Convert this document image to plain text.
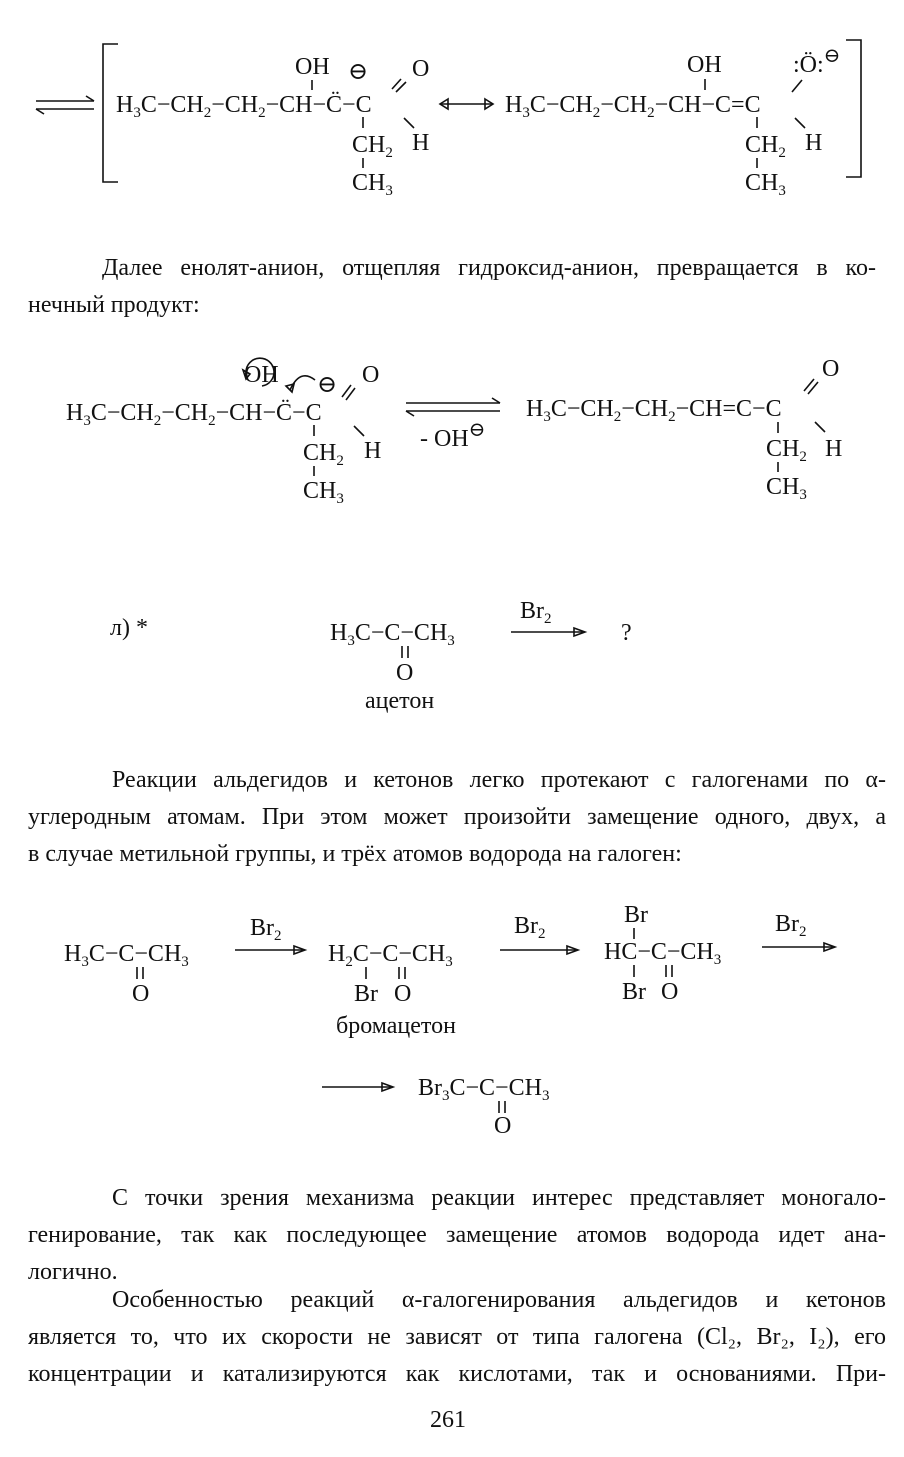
OH ⊖ O
$H_3C-CH_2-CH_2-CH-C̈-C$
$CH_2$ H
$CH_3$
OH	:Ö:⊖
$H_3C-CH_2-CH_2-CH-C=C$
$CH_2$ H
$CH_3$

Далее енолят-анион, отщепляя гидроксид-анион, превращается в ко-

нечный продукт:

OH ⊖ O
$H_3C-CH_2-CH_2-CH-C̈-C$
$CH_2$ H
$CH_3$
- OH⊖
O
$H_3C-CH_2-CH_2-CH=C-C$
$CH_2$ H
$CH_3$
л) *	$H_3C-C-CH_3$
O
$Br_2$
?
ацетон

Реакции альдегидов и кетонов легко протекают с галогенами по α-

углеродным атомам. При этом может произойти замещение одного, двух, а

в случае метильной группы, и трёх атомов водорода на галоген:

$H_3C-C-CH_3$
O
$Br_2$
$H_2C-C-CH_3$
Br O
$Br_2$
Br
$HC-C-CH_3$
Br O
$Br_2$
$Br_3C-C-CH_3$
O
бромацетон

С точки зрения механизма реакции интерес представляет моногало-

генирование, так как последующее замещение атомов водорода идет ана-

логично.

Особенностью реакций α-галогенирования альдегидов и кетонов

является то, что их скорости не зависят от типа галогена (Cl₂, Br₂, I₂), его

концентрации и катализируются как кислотами, так и основаниями. При-

261
